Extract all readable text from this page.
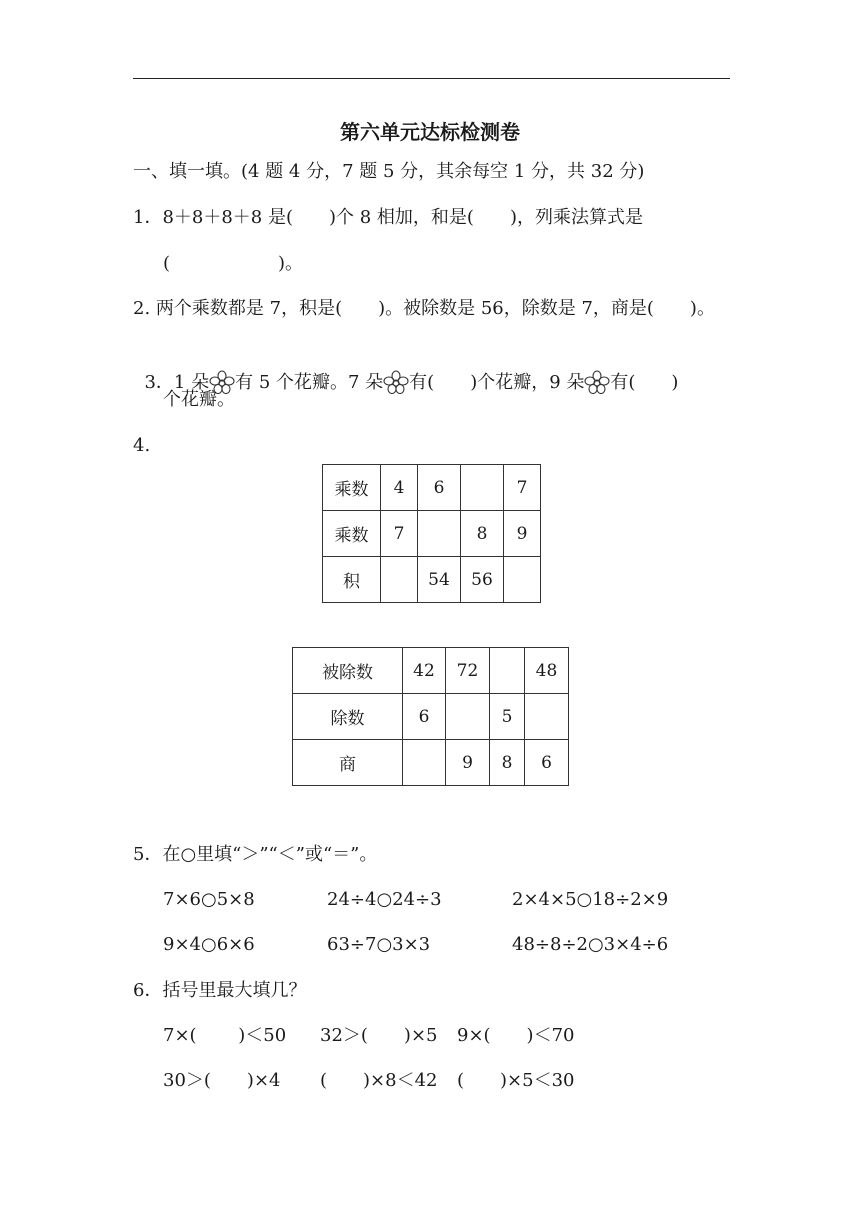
第六单元达标检测卷
一、填一填。(4 题 4 分，7 题 5 分，其余每空 1 分，共 32 分)
1．8＋8＋8＋8 是(　　)个 8 相加，和是(　　)，列乘法算式是
(　　　　　　)。
2. 两个乘数都是 7，积是(　　)。被除数是 56，除数是 7，商是(　　)。

3．1 朵 有 5 个花瓣。7 朵 有(　　)个花瓣，9 朵 有(　　)

个花瓣。
4.
乘数	4	6		7
乘数	7		8	9
积		54	56	
被除数	42	72		48
除数	6		5	
商		9	8	6
5．在○里填“＞”“＜”或“＝”。
7×6○5×8	24÷4○24÷3	2×4×5○18÷2×9
9×4○6×6	63÷7○3×3	48÷8÷2○3×4÷6
6．括号里最大填几？
7×(　　 )＜50 32＞(　　)×5 9×(　　)＜70
30＞(　　)×4 (　　)×8＜42 (　　)×5＜30
